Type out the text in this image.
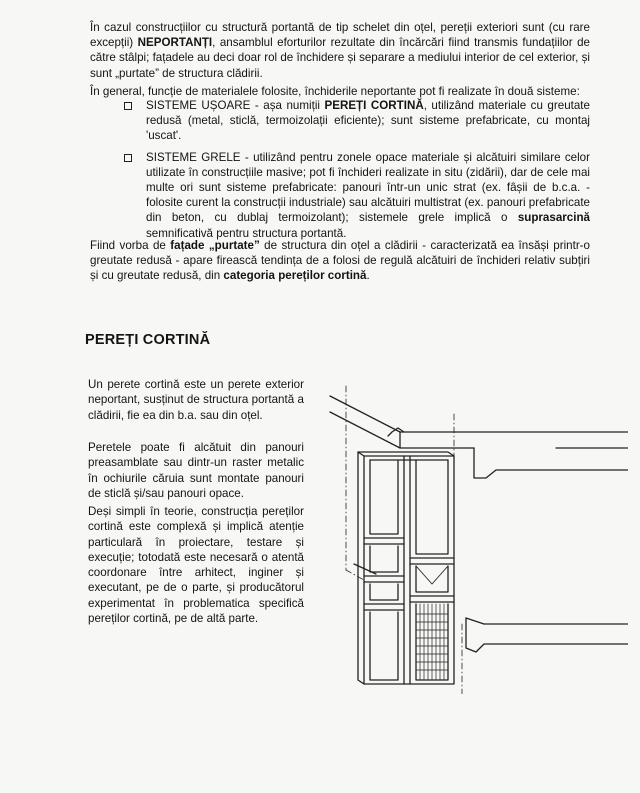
În cazul construcțiilor cu structură portantă de tip schelet din oțel, pereții exteriori sunt (cu rare excepții) NEPORTANȚI, ansamblul eforturilor rezultate din încărcări fiind transmis fundațiilor de către stâlpi; fațadele au deci doar rol de închidere și separare a mediului interior de cel exterior, și sunt „purtate” de structura clădirii.

În general, funcție de materialele folosite, închiderile neportante pot fi realizate în două sisteme:

SISTEME UȘOARE - așa numiții PEREȚI CORTINĂ, utilizând materiale cu greutate redusă (metal, sticlă, termoizolații eficiente); sunt sisteme prefabricate, cu montaj 'uscat'.
SISTEME GRELE - utilizând pentru zonele opace materiale și alcătuiri similare celor utilizate în construcțiile masive; pot fi închideri realizate in situ (zidării), dar de cele mai multe ori sunt sisteme prefabricate: panouri într-un unic strat (ex. fâșii de b.c.a. - folosite curent la construcții industriale) sau alcătuiri multistrat (ex. panouri prefabricate din beton, cu dublaj termoizolant); sistemele grele implică o suprasarcină semnificativă pentru structura portantă.

Fiind vorba de fațade „purtate” de structura din oțel a clădirii - caracterizată ea însăși printr-o greutate redusă - apare firească tendința de a folosi de regulă alcătuiri de închideri relativ subțiri și cu greutate redusă, din categoria pereților cortină.

PEREȚI CORTINĂ

Un perete cortină este un perete exterior neportant, susținut de structura portantă a clădirii, fie ea din b.a. sau din oțel.

Peretele poate fi alcătuit din panouri preasamblate sau dintr-un raster metalic în ochiurile căruia sunt montate panouri de sticlă și/sau panouri opace.

Deși simpli în teorie, construcția pereților cortină este complexă și implică atenție particulară în proiectare, testare și execuție; totodată este necesară o atentă coordonare între arhitect, inginer și executant, pe de o parte, și producătorul experimentat în problematica specifică pereților cortină, pe de altă parte.
